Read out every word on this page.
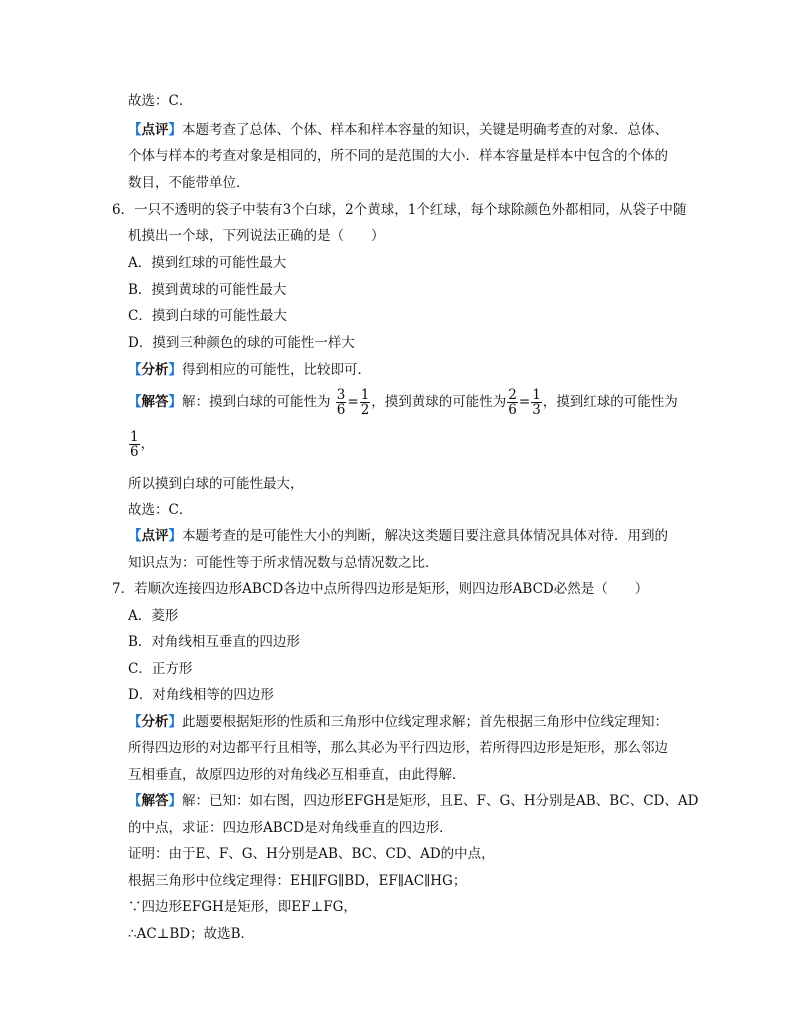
故选：C．
【点评】本题考查了总体、个体、样本和样本容量的知识，关键是明确考查的对象．总体、
个体与样本的考查对象是相同的，所不同的是范围的大小．样本容量是样本中包含的个体的
数目，不能带单位．
6．一只不透明的袋子中装有3个白球，2个黄球，1个红球，每个球除颜色外都相同，从袋子中随
机摸出一个球，下列说法正确的是（　　）
A．摸到红球的可能性最大
B．摸到黄球的可能性最大
C．摸到白球的可能性最大
D．摸到三种颜色的球的可能性一样大
【分析】得到相应的可能性，比较即可．
【解答】解：摸到白球的可能性为 $\frac{3}{6} = \frac{1}{2}$ ，摸到黄球的可能性为 $\frac{2}{6} = \frac{1}{3}$ ，摸到红球的可能性为
$\frac{1}{6}$ ，
所以摸到白球的可能性最大，
故选：C．
【点评】本题考查的是可能性大小的判断，解决这类题目要注意具体情况具体对待．用到的
知识点为：可能性等于所求情况数与总情况数之比．
7．若顺次连接四边形ABCD各边中点所得四边形是矩形，则四边形ABCD必然是（　　）
A．菱形
B．对角线相互垂直的四边形
C．正方形
D．对角线相等的四边形
【分析】此题要根据矩形的性质和三角形中位线定理求解；首先根据三角形中位线定理知：
所得四边形的对边都平行且相等，那么其必为平行四边形，若所得四边形是矩形，那么邻边
互相垂直，故原四边形的对角线必互相垂直，由此得解．
【解答】解：已知：如右图，四边形EFGH是矩形，且E、F、G、H分别是AB、BC、CD、AD
的中点，求证：四边形ABCD是对角线垂直的四边形．
证明：由于E、F、G、H分别是AB、BC、CD、AD的中点，
根据三角形中位线定理得：EH∥FG∥BD，EF∥AC∥HG；
∵四边形EFGH是矩形，即EF⊥FG，
∴AC⊥BD；故选B．
